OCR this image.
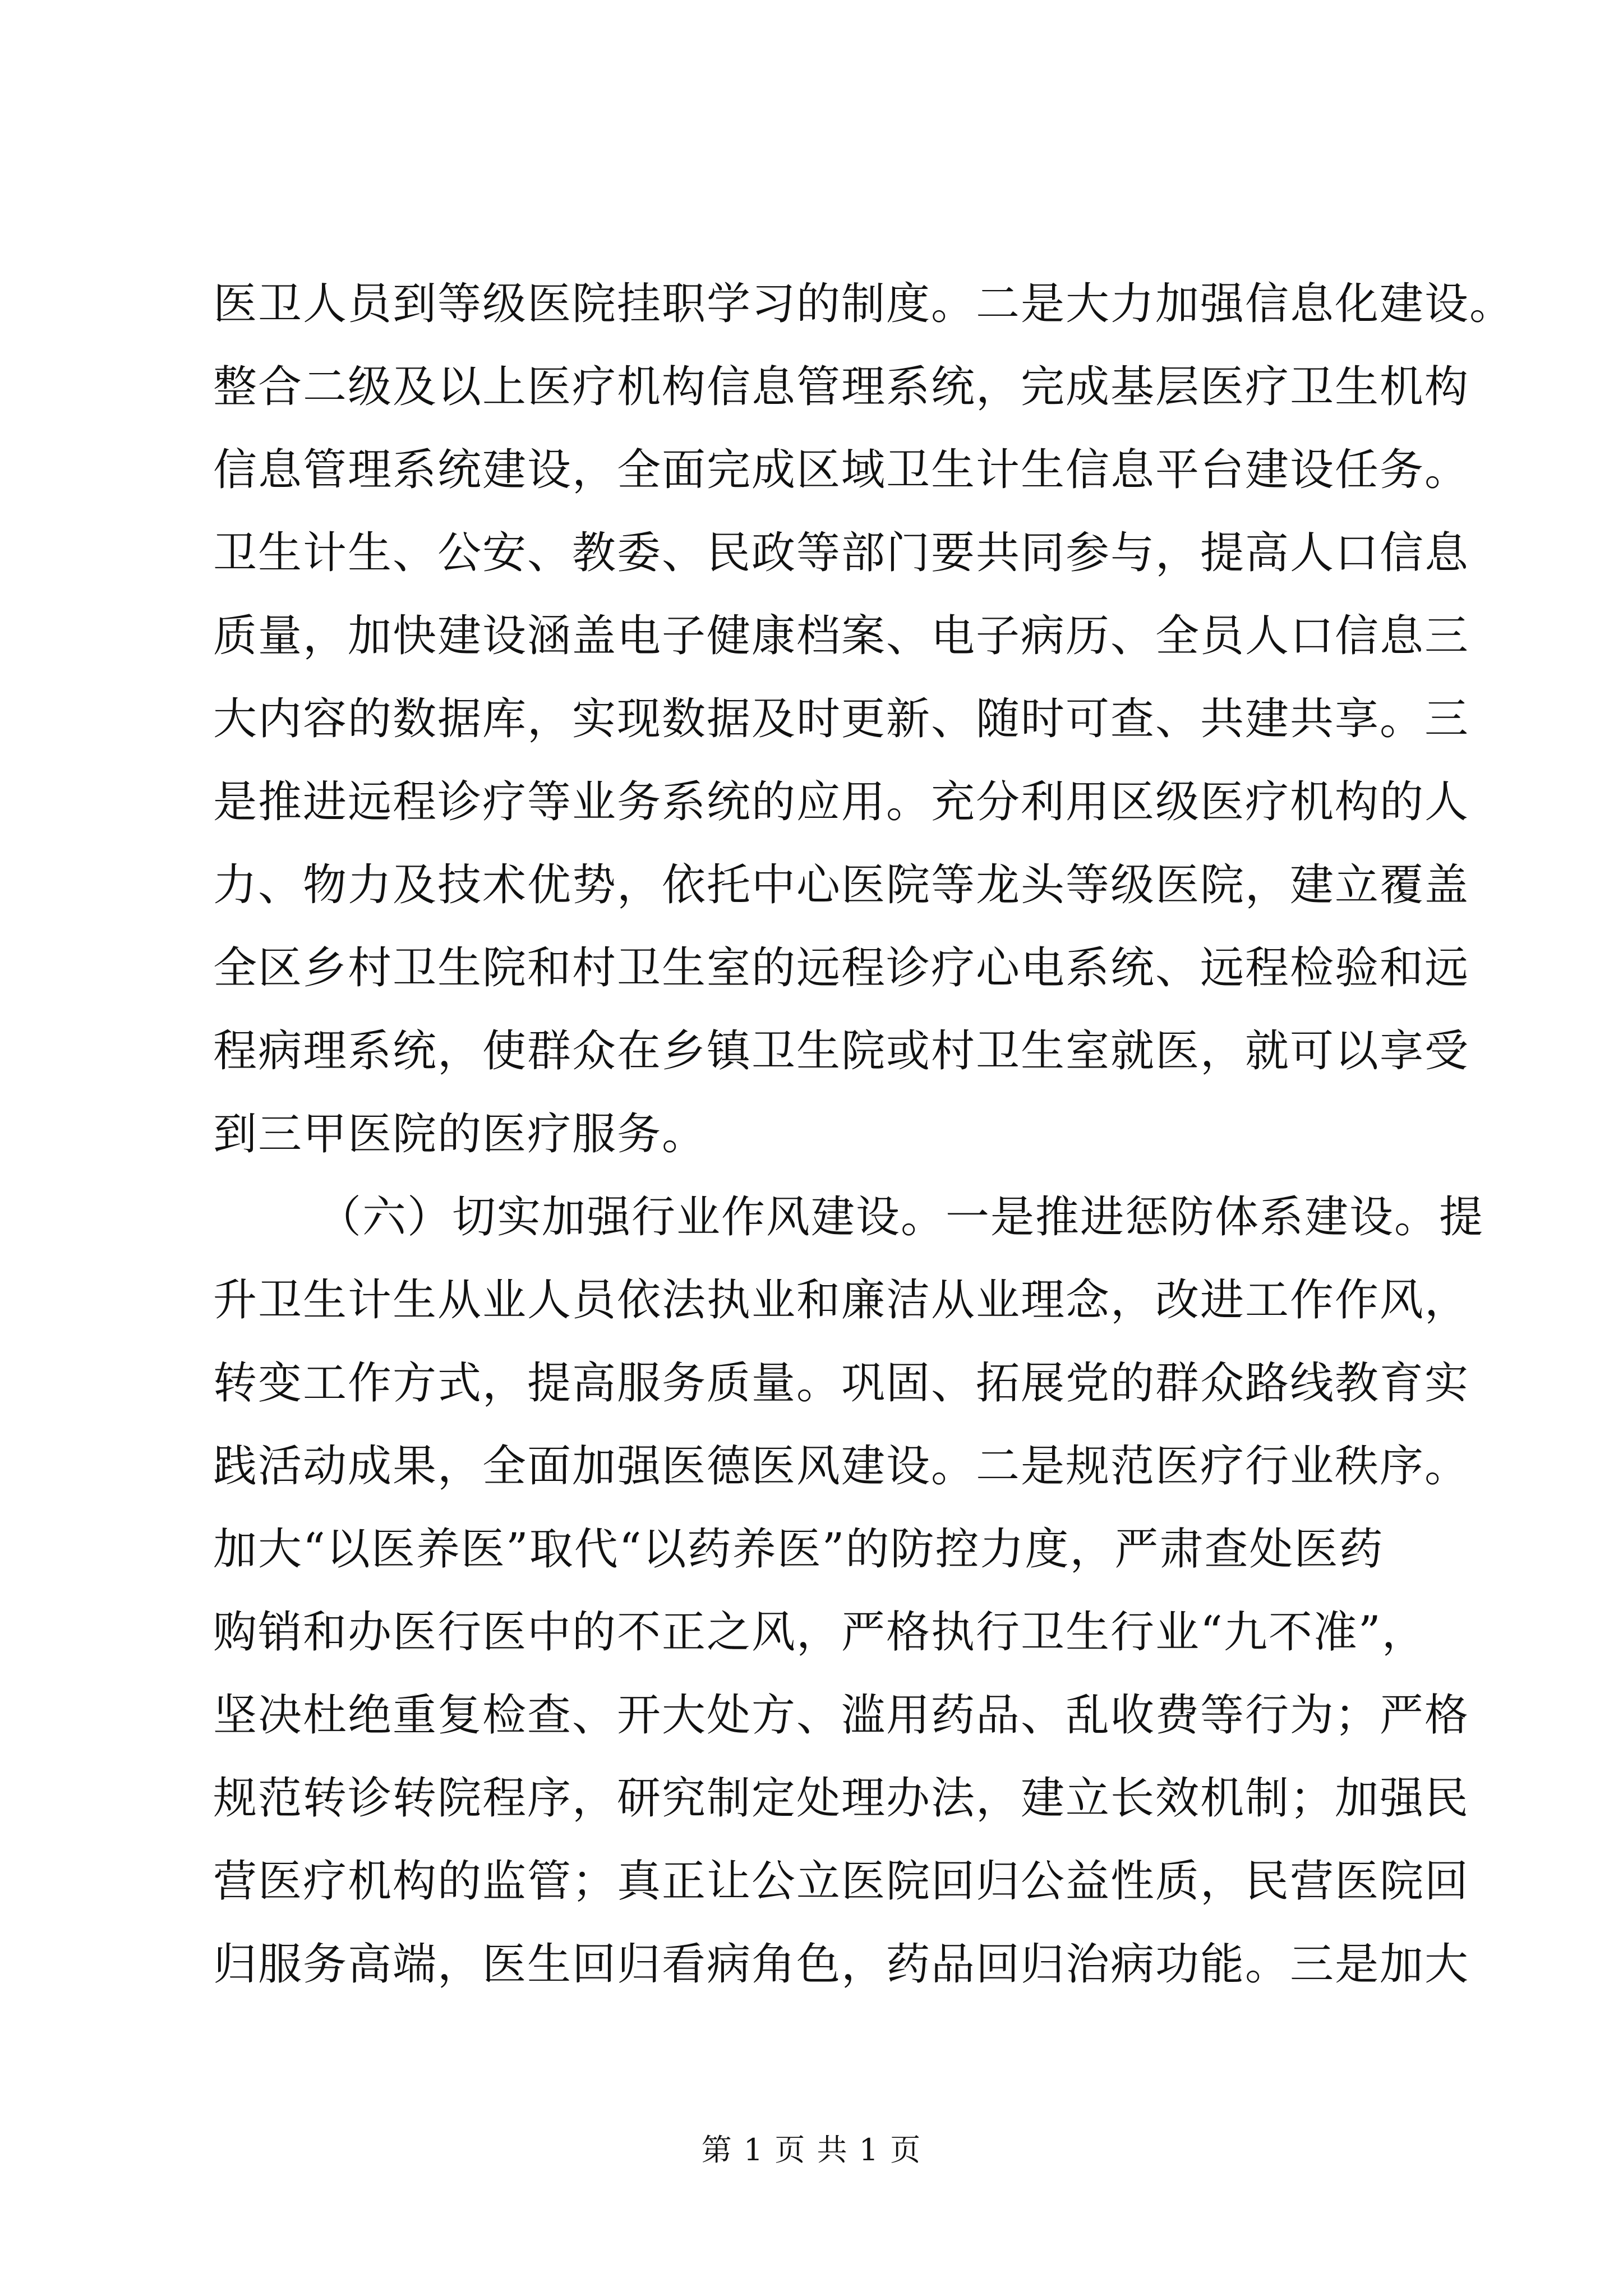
医卫人员到等级医院挂职学习的制度。二是大力加强信息化建设。
整合二级及以上医疗机构信息管理系统，完成基层医疗卫生机构
信息管理系统建设，全面完成区域卫生计生信息平台建设任务。
卫生计生、公安、教委、民政等部门要共同参与，提高人口信息
质量，加快建设涵盖电子健康档案、电子病历、全员人口信息三
大内容的数据库，实现数据及时更新、随时可查、共建共享。三
是推进远程诊疗等业务系统的应用。充分利用区级医疗机构的人
力、物力及技术优势，依托中心医院等龙头等级医院，建立覆盖
全区乡村卫生院和村卫生室的远程诊疗心电系统、远程检验和远
程病理系统，使群众在乡镇卫生院或村卫生室就医，就可以享受
到三甲医院的医疗服务。
（六）切实加强行业作风建设。一是推进惩防体系建设。提
升卫生计生从业人员依法执业和廉洁从业理念，改进工作作风，
转变工作方式，提高服务质量。巩固、拓展党的群众路线教育实
践活动成果，全面加强医德医风建设。二是规范医疗行业秩序。
加大“以医养医”取代“以药养医”的防控力度，严肃查处医药
购销和办医行医中的不正之风，严格执行卫生行业“九不准”，
坚决杜绝重复检查、开大处方、滥用药品、乱收费等行为；严格
规范转诊转院程序，研究制定处理办法，建立长效机制；加强民
营医疗机构的监管；真正让公立医院回归公益性质，民营医院回
归服务高端，医生回归看病角色，药品回归治病功能。三是加大
第 1 页 共 1 页
